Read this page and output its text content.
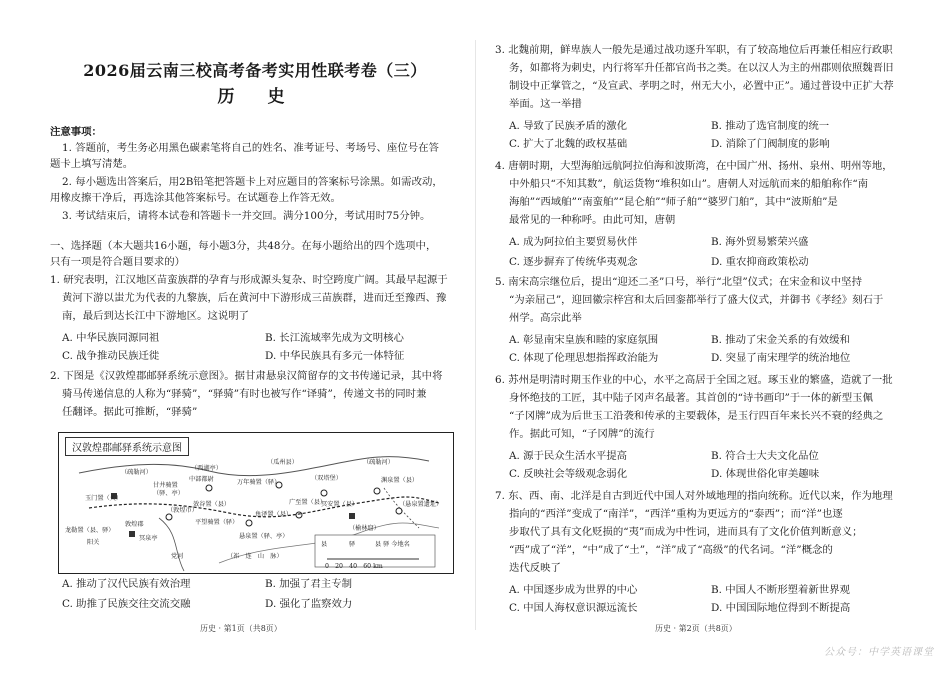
2026届云南三校高考备考实用性联考卷（三）
历　史
注意事项：
1. 答题前，考生务必用黑色碳素笔将自己的姓名、准考证号、考场号、座位号在答
题卡上填写清楚。
2. 每小题选出答案后，用2B铅笔把答题卡上对应题目的答案标号涂黑。如需改动，
用橡皮擦干净后，再选涂其他答案标号。在试题卷上作答无效。
3. 考试结束后，请将本试卷和答题卡一并交回。满分100分，考试用时75分钟。
一、选择题（本大题共16小题，每小题3分，共48分。在每小题给出的四个选项中，
只有一项是符合题目要求的）
1. 研究表明，江汉地区苗蛮族群的孕育与形成源头复杂、时空跨度广阔。其最早起源于
黄河下游以蚩尤为代表的九黎族，后在黄河中下游形成三苗族群，进而迁至豫西、豫
南，最后到达长江中下游地区。这说明了
A. 中华民族同源同祖	B. 长江流域率先成为文明核心
C. 战争推动民族迁徙	D. 中华民族具有多元一体特征
2. 下图是《汉敦煌郡邮驿系统示意图》。据甘肃悬泉汉简留存的文书传递记录，其中将
骑马传递信息的人称为“驿骑”，“驿骑”有时也被写作“译骑”，传递文书的同时兼
任翻译。据此可推断，“驿骑”
A. 推动了汉代民族有效治理	B. 加强了君主专制
C. 助推了民族交往交流交融	D. 强化了监察效力
历史 · 第1页（共8页）
汉敦煌郡邮驿系统示意图
（疏勒河）
（西湖亭）
中部都尉
甘井骑置
（驿、亭）
玉门置（关）
万年骑置（驿）
（瓜州县）	（疏勒河）
（双塔堡）	渊泉置（县）
龙勒置（县、驿）
阳关
敦煌郡
（敦煌市）
效谷置（县）
平望骑置（驿）
鱼泽置（县）
广至置（县）
冥安置（县）
悬泉置（驿、亭）
（榆林窟）
冥泉亭
（祁　连　山　脉）
党河
县	驿
（悬泉置遗址）
0　20　40　60 km
县 驿 今地名
3. 北魏前期，鲜卑族人一般先是通过战功逐升军职，有了较高地位后再兼任相应行政职
务，如都将为刺史，内行将军升任都官尚书之类。在以汉人为主的州郡则依照魏晋旧
制设中正掌管之，“及宣武、孝明之时，州无大小，必置中正”。通过普设中正扩大荐
举面。这一举措
A. 导致了民族矛盾的激化	B. 推动了选官制度的统一
C. 扩大了北魏的政权基础	D. 消除了门阀制度的影响
4. 唐朝时期，大型海舶远航阿拉伯海和波斯湾，在中国广州、扬州、泉州、明州等地，
中外船只“不知其数”，航运货物“堆积如山”。唐朝人对远航而来的船舶称作“南
海舶”“西域舶”“南蛮舶”“昆仑舶”“师子舶”“婆罗门舶”，其中“波斯舶”是
最常见的一种称呼。由此可知，唐朝
A. 成为阿拉伯主要贸易伙伴	B. 海外贸易繁荣兴盛
C. 逐步摒弃了传统华夷观念	D. 重农抑商政策松动
5. 南宋高宗继位后，提出“迎还二圣”口号，举行“北望”仪式；在宋金和议中坚持
“为亲屈己”，迎回徽宗梓宫和太后回銮都举行了盛大仪式，并御书《孝经》刻石于
州学。高宗此举
A. 彰显南宋皇族和睦的家庭氛围	B. 推动了宋金关系的有效缓和
C. 体现了伦理思想指挥政治能为	D. 突显了南宋理学的统治地位
6. 苏州是明清时期玉作业的中心，水平之高居于全国之冠。琢玉业的繁盛，造就了一批
身怀绝技的工匠，其中陆子冈声名最著。其首创的“诗书画印”于一体的新型玉佩
“子冈牌”成为后世玉工沿袭和传承的主要载体，是玉行四百年来长兴不衰的经典之
作。据此可知，“子冈牌”的流行
A. 源于民众生活水平提高	B. 符合士大夫文化品位
C. 反映社会等级观念弱化	D. 体现世俗化审美趣味
7. 东、西、南、北洋是自古到近代中国人对外域地理的指向统称。近代以来，作为地理
指向的“西洋”变成了“南洋”，“西洋”重构为更远方的“泰西”；而“洋”也逐
步取代了具有文化贬损的“夷”而成为中性词，进而具有了文化价值判断意义；
“西”成了“洋”，“中”成了“土”，“洋”成了“高级”的代名词。“洋”概念的
迭代反映了
A. 中国逐步成为世界的中心	B. 中国人不断形塑着新世界观
C. 中国人海权意识源远流长	D. 中国国际地位得到不断提高
历史 · 第2页（共8页）
公众号：中学英语课堂
